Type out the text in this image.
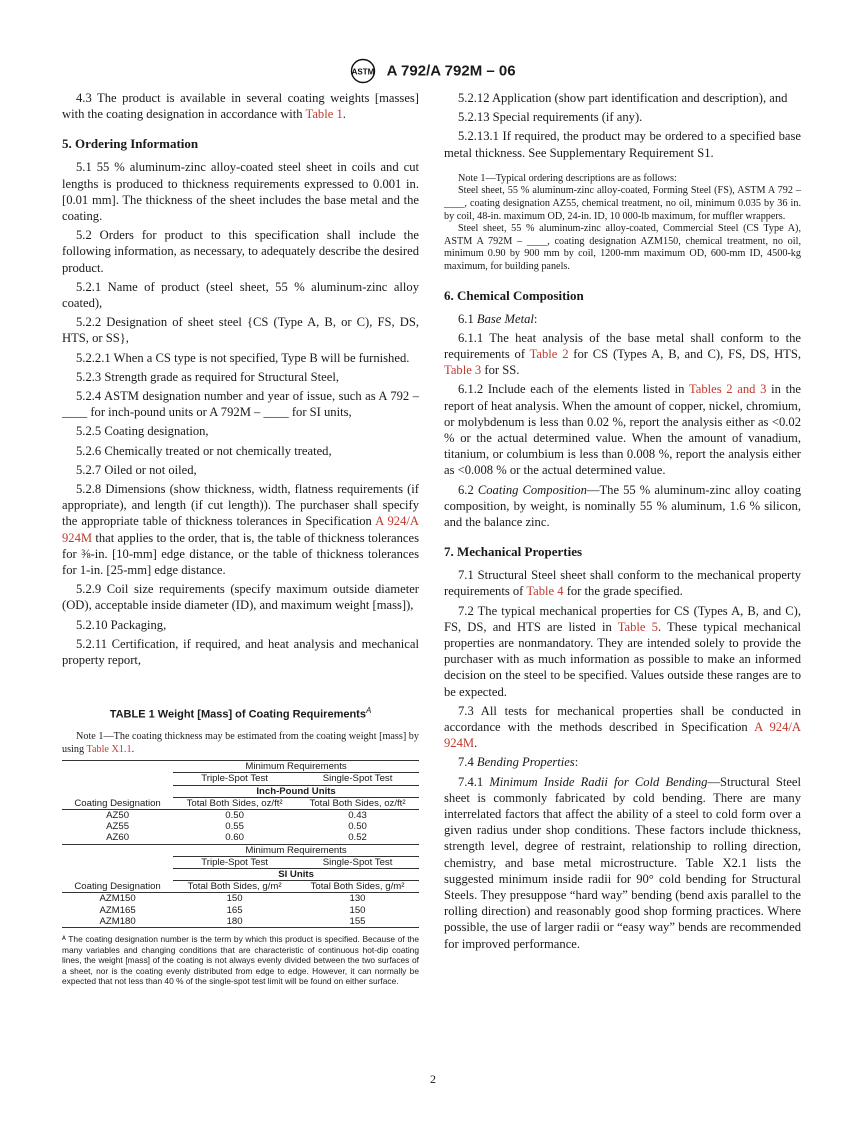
ASTM A 792/A 792M – 06

4.3 The product is available in several coating weights [masses] with the coating designation in accordance with Table 1.

5. Ordering Information

5.1 55 % aluminum-zinc alloy-coated steel sheet in coils and cut lengths is produced to thickness requirements expressed to 0.001 in. [0.01 mm]. The thickness of the sheet includes the base metal and the coating.

5.2 Orders for product to this specification shall include the following information, as necessary, to adequately describe the desired product.

5.2.1 Name of product (steel sheet, 55 % aluminum-zinc alloy coated),

5.2.2 Designation of sheet steel {CS (Type A, B, or C), FS, DS, HTS, or SS},

5.2.2.1 When a CS type is not specified, Type B will be furnished.

5.2.3 Strength grade as required for Structural Steel,

5.2.4 ASTM designation number and year of issue, such as A 792 – ____ for inch-pound units or A 792M – ____ for SI units,

5.2.5 Coating designation,

5.2.6 Chemically treated or not chemically treated,

5.2.7 Oiled or not oiled,

5.2.8 Dimensions (show thickness, width, flatness requirements (if appropriate), and length (if cut length)). The purchaser shall specify the appropriate table of thickness tolerances in Specification A 924/A 924M that applies to the order, that is, the table of thickness tolerances for ⅜-in. [10-mm] edge distance, or the table of thickness tolerances for 1-in. [25-mm] edge distance.

5.2.9 Coil size requirements (specify maximum outside diameter (OD), acceptable inside diameter (ID), and maximum weight [mass]),

5.2.10 Packaging,

5.2.11 Certification, if required, and heat analysis and mechanical property report,

TABLE 1 Weight [Mass] of Coating Requirements$^A$

Note 1—The coating thickness may be estimated from the coating weight [mass] by using Table X1.1.

	Minimum Requirements	
	Triple-Spot Test	Single-Spot Test
	Inch-Pound Units	
Coating Designation	Total Both Sides, oz/ft²	Total Both Sides, oz/ft²
AZ50	0.50	0.43
AZ55	0.55	0.50
AZ60	0.60	0.52
	Minimum Requirements	
	Triple-Spot Test	Single-Spot Test
	SI Units	
Coating Designation	Total Both Sides, g/m²	Total Both Sides, g/m²
AZM150	150	130
AZM165	165	150
AZM180	180	155
ᴬ The coating designation number is the term by which this product is specified. Because of the many variables and changing conditions that are characteristic of continuous hot-dip coating lines, the weight [mass] of the coating is not always evenly divided between the two surfaces of a sheet, nor is the coating evenly distributed from edge to edge. However, it can normally be expected that not less than 40 % of the single-spot test limit will be found on either surface.

5.2.12 Application (show part identification and description), and

5.2.13 Special requirements (if any).

5.2.13.1 If required, the product may be ordered to a specified base metal thickness. See Supplementary Requirement S1.

Note 1—Typical ordering descriptions are as follows:

Steel sheet, 55 % aluminum-zinc alloy-coated, Forming Steel (FS), ASTM A 792 – ____, coating designation AZ55, chemical treatment, no oil, minimum 0.035 by 36 in. by coil, 48-in. maximum OD, 24-in. ID, 10 000-lb maximum, for muffler wrappers.

Steel sheet, 55 % aluminum-zinc alloy-coated, Commercial Steel (CS Type A), ASTM A 792M – ____, coating designation AZM150, chemical treatment, no oil, minimum 0.90 by 900 mm by coil, 1200-mm maximum OD, 600-mm ID, 4500-kg maximum, for building panels.

6. Chemical Composition

6.1 Base Metal:

6.1.1 The heat analysis of the base metal shall conform to the requirements of Table 2 for CS (Types A, B, and C), FS, DS, HTS, Table 3 for SS.

6.1.2 Include each of the elements listed in Tables 2 and 3 in the report of heat analysis. When the amount of copper, nickel, chromium, or molybdenum is less than 0.02 %, report the analysis either as <0.02 % or the actual determined value. When the amount of vanadium, titanium, or columbium is less than 0.008 %, report the analysis either as <0.008 % or the actual determined value.

6.2 Coating Composition—The 55 % aluminum-zinc alloy coating composition, by weight, is nominally 55 % aluminum, 1.6 % silicon, and the balance zinc.

7. Mechanical Properties

7.1 Structural Steel sheet shall conform to the mechanical property requirements of Table 4 for the grade specified.

7.2 The typical mechanical properties for CS (Types A, B, and C), FS, DS, and HTS are listed in Table 5. These typical mechanical properties are nonmandatory. They are intended solely to provide the purchaser with as much information as possible to make an informed decision on the steel to be specified. Values outside these ranges are to be expected.

7.3 All tests for mechanical properties shall be conducted in accordance with the methods described in Specification A 924/A 924M.

7.4 Bending Properties:

7.4.1 Minimum Inside Radii for Cold Bending—Structural Steel sheet is commonly fabricated by cold bending. There are many interrelated factors that affect the ability of a steel to cold form over a given radius under shop conditions. These factors include thickness, strength level, degree of restraint, relationship to rolling direction, chemistry, and base metal microstructure. Table X2.1 lists the suggested minimum inside radii for 90° cold bending for Structural Steels. They presuppose “hard way” bending (bend axis parallel to the rolling direction) and reasonably good shop forming practices. Where possible, the use of larger radii or “easy way” bends are recommended for improved performance.

2
